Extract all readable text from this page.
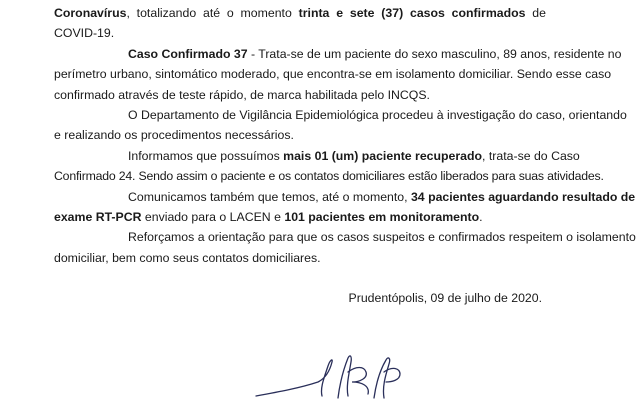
Coronavírus, totalizando até o momento trinta e sete (37) casos confirmados de COVID-19.

Caso Confirmado 37 - Trata-se de um paciente do sexo masculino, 89 anos, residente no

perímetro urbano, sintomático moderado, que encontra-se em isolamento domiciliar. Sendo esse caso

confirmado através de teste rápido, de marca habilitada pelo INCQS.

O Departamento de Vigilância Epidemiológica procedeu à investigação do caso, orientando

e realizando os procedimentos necessários.

Informamos que possuímos mais 01 (um) paciente recuperado, trata-se do Caso

Confirmado 24. Sendo assim o paciente e os contatos domiciliares estão liberados para suas atividades.

Comunicamos também que temos, até o momento, 34 pacientes aguardando resultado de

exame RT-PCR enviado para o LACEN e 101 pacientes em monitoramento.

Reforçamos a orientação para que os casos suspeitos e confirmados respeitem o isolamento

domiciliar, bem como seus contatos domiciliares.

Prudentópolis, 09 de julho de 2020.
